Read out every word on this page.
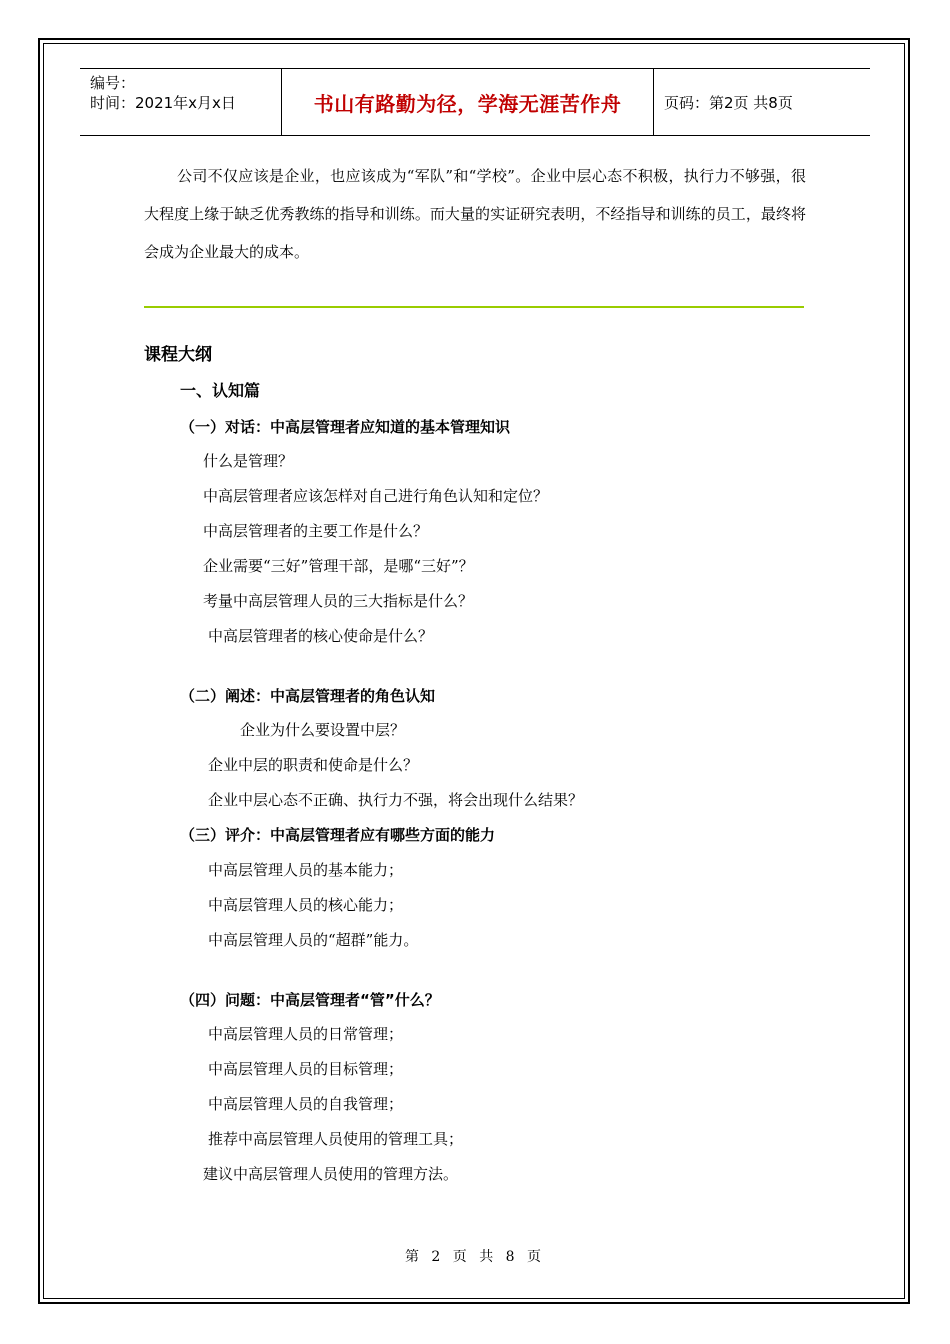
编号：
时间：2021年x月x日	书山有路勤为径，学海无涯苦作舟	页码：第2页 共8页
公司不仅应该是企业，也应该成为“军队”和“学校”。企业中层心态不积极，执行力不够强，很大程度上缘于缺乏优秀教练的指导和训练。而大量的实证研究表明，不经指导和训练的员工，最终将会成为企业最大的成本。
课程大纲
一、认知篇
（一）对话：中高层管理者应知道的基本管理知识
什么是管理？
中高层管理者应该怎样对自己进行角色认知和定位？
中高层管理者的主要工作是什么？
企业需要“三好”管理干部，是哪“三好”？
考量中高层管理人员的三大指标是什么？
中高层管理者的核心使命是什么？
（二）阐述：中高层管理者的角色认知
企业为什么要设置中层？
企业中层的职责和使命是什么？
企业中层心态不正确、执行力不强，将会出现什么结果？
（三）评介：中高层管理者应有哪些方面的能力
中高层管理人员的基本能力；
中高层管理人员的核心能力；
中高层管理人员的“超群”能力。
（四）问题：中高层管理者“管”什么？
中高层管理人员的日常管理；
中高层管理人员的目标管理；
中高层管理人员的自我管理；
推荐中高层管理人员使用的管理工具；
建议中高层管理人员使用的管理方法。
第 2 页 共 8 页
